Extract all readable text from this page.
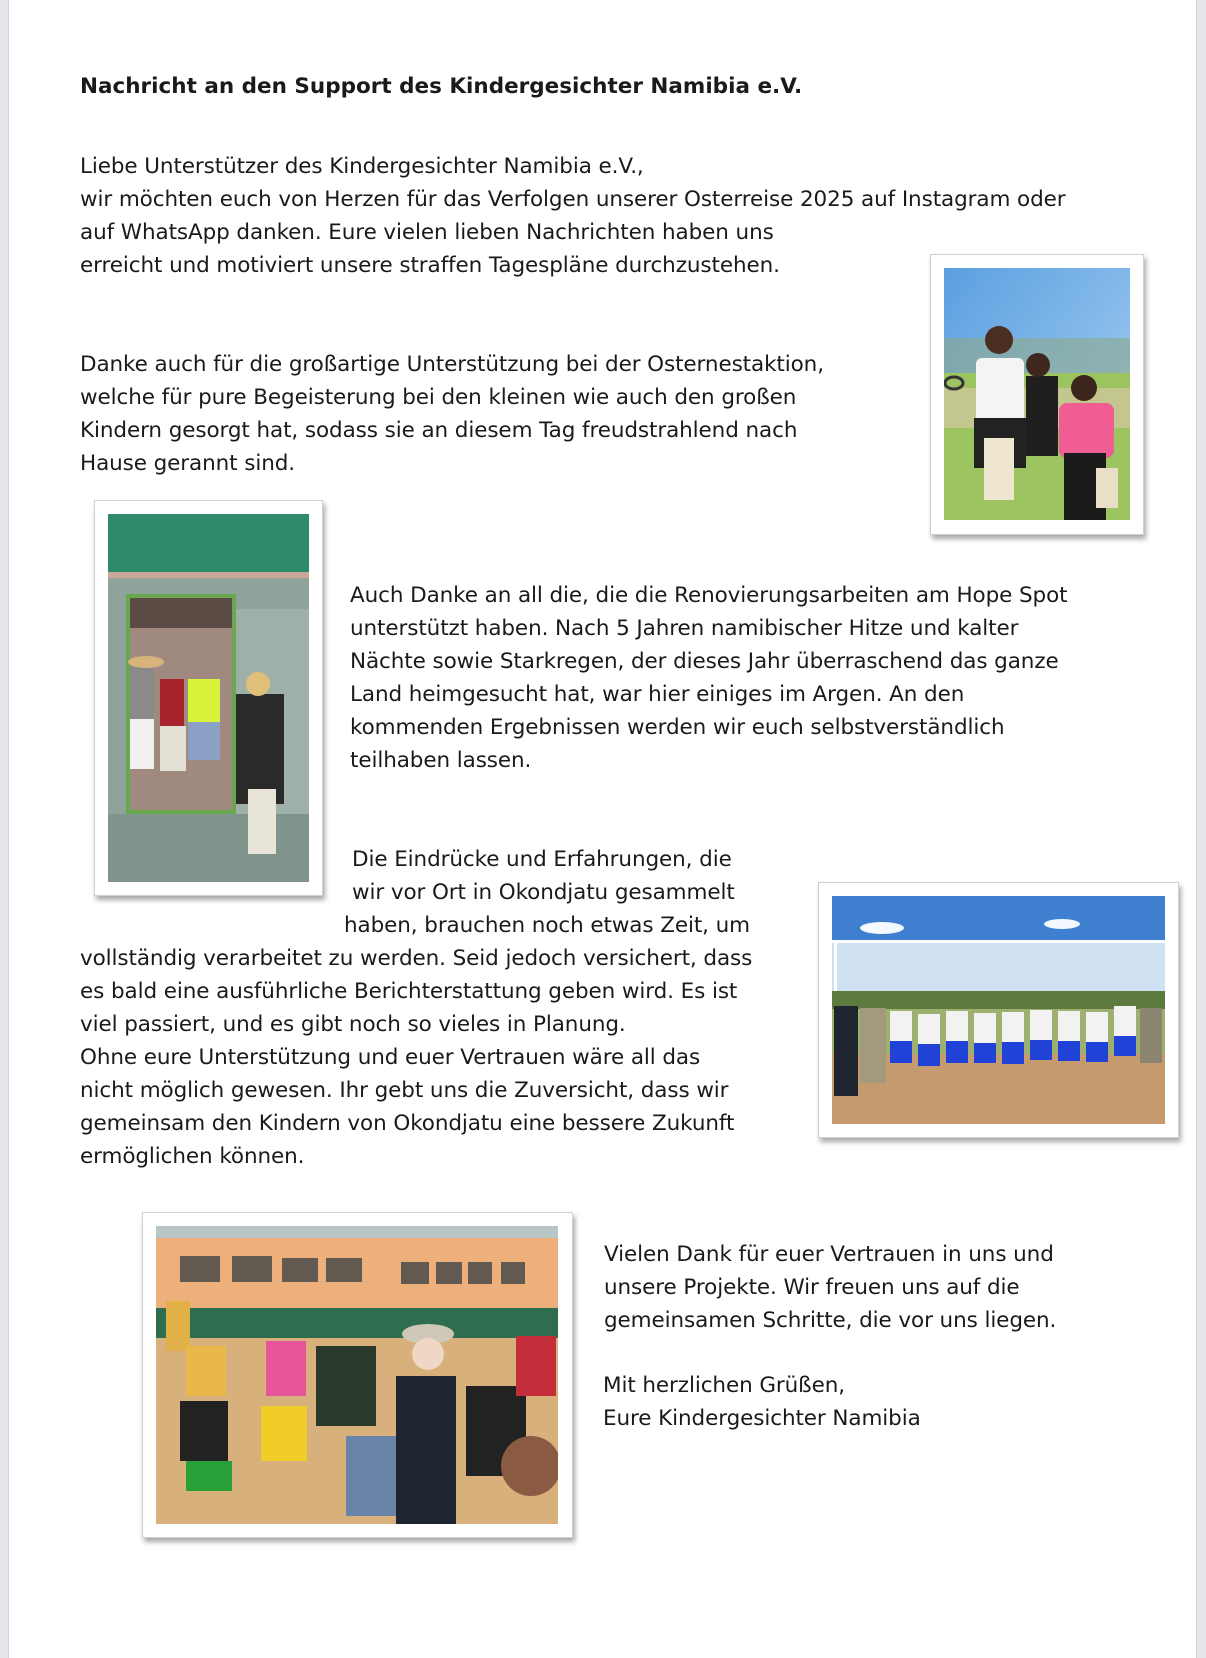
Nachricht an den Support des Kindergesichter Namibia e.V.
Liebe Unterstützer des Kindergesichter Namibia e.V.,
wir möchten euch von Herzen für das Verfolgen unserer Osterreise 2025 auf Instagram oder
auf WhatsApp danken. Eure vielen lieben Nachrichten haben uns
erreicht und motiviert unsere straffen Tagespläne durchzustehen.
Danke auch für die großartige Unterstützung bei der Osternestaktion,
welche für pure Begeisterung bei den kleinen wie auch den großen
Kindern gesorgt hat, sodass sie an diesem Tag freudstrahlend nach
Hause gerannt sind.
Auch Danke an all die, die die Renovierungsarbeiten am Hope Spot
unterstützt haben. Nach 5 Jahren namibischer Hitze und kalter
Nächte sowie Starkregen, der dieses Jahr überraschend das ganze
Land heimgesucht hat, war hier einiges im Argen. An den
kommenden Ergebnissen werden wir euch selbstverständlich
teilhaben lassen.
Die Eindrücke und Erfahrungen, die
wir vor Ort in Okondjatu gesammelt
haben, brauchen noch etwas Zeit, um
vollständig verarbeitet zu werden. Seid jedoch versichert, dass
es bald eine ausführliche Berichterstattung geben wird. Es ist
viel passiert, und es gibt noch so vieles in Planung.
Ohne eure Unterstützung und euer Vertrauen wäre all das
nicht möglich gewesen. Ihr gebt uns die Zuversicht, dass wir
gemeinsam den Kindern von Okondjatu eine bessere Zukunft
ermöglichen können.
Vielen Dank für euer Vertrauen in uns und
unsere Projekte. Wir freuen uns auf die
gemeinsamen Schritte, die vor uns liegen.
Mit herzlichen Grüßen,
Eure Kindergesichter Namibia
